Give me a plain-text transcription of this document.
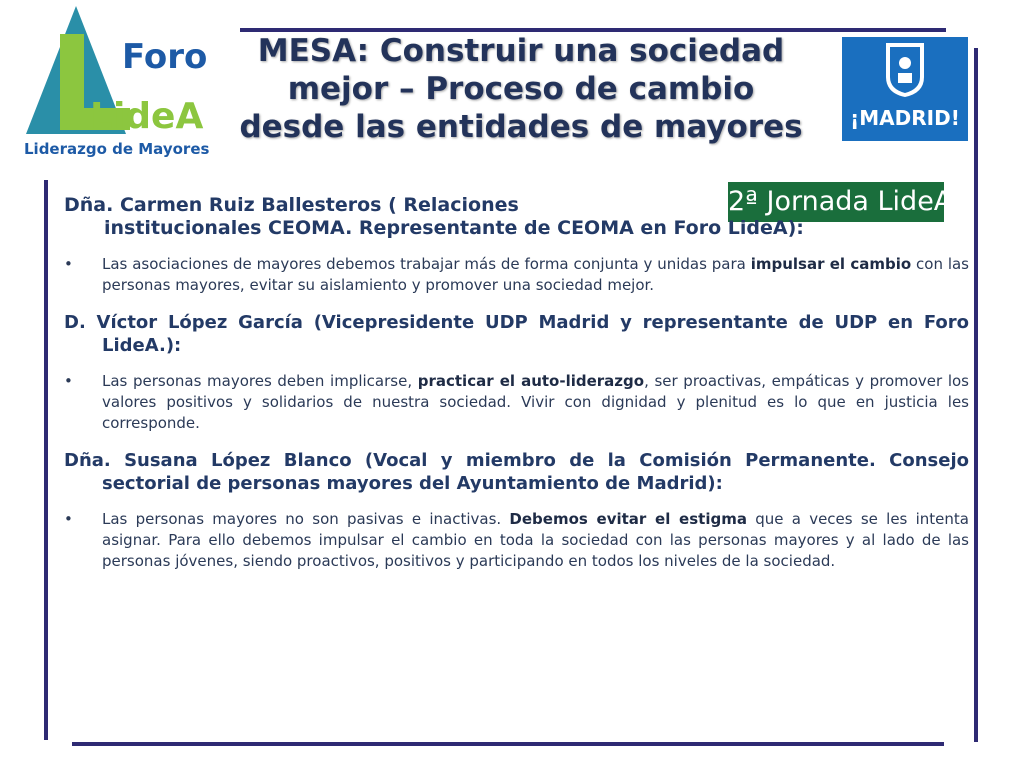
Foro
LideA
Liderazgo de Mayores
MESA: Construir una sociedad
mejor – Proceso de cambio
desde las entidades de mayores ¡MADRID!
2ª Jornada LideA
Dña. Carmen Ruiz Ballesteros ( Relaciones
institucionales CEOMA. Representante de CEOMA en Foro LideA):
•	Las asociaciones de mayores debemos trabajar más de forma conjunta y unidas para impulsar el cambio con las personas mayores, evitar su aislamiento y promover una sociedad mejor.
D. Víctor López García (Vicepresidente UDP Madrid y representante de UDP en Foro LideA.):
•	Las personas mayores deben implicarse, practicar el auto-liderazgo, ser proactivas, empáticas y promover los valores positivos y solidarios de nuestra sociedad. Vivir con dignidad y plenitud es lo que en justicia les corresponde.
Dña. Susana López Blanco (Vocal y miembro de la Comisión Permanente. Consejo sectorial de personas mayores del Ayuntamiento de Madrid):
•	Las personas mayores no son pasivas e inactivas. Debemos evitar el estigma que a veces se les intenta asignar. Para ello debemos impulsar el cambio en toda la sociedad con las personas mayores y al lado de las personas jóvenes, siendo proactivos, positivos y participando en todos los niveles de la sociedad.
